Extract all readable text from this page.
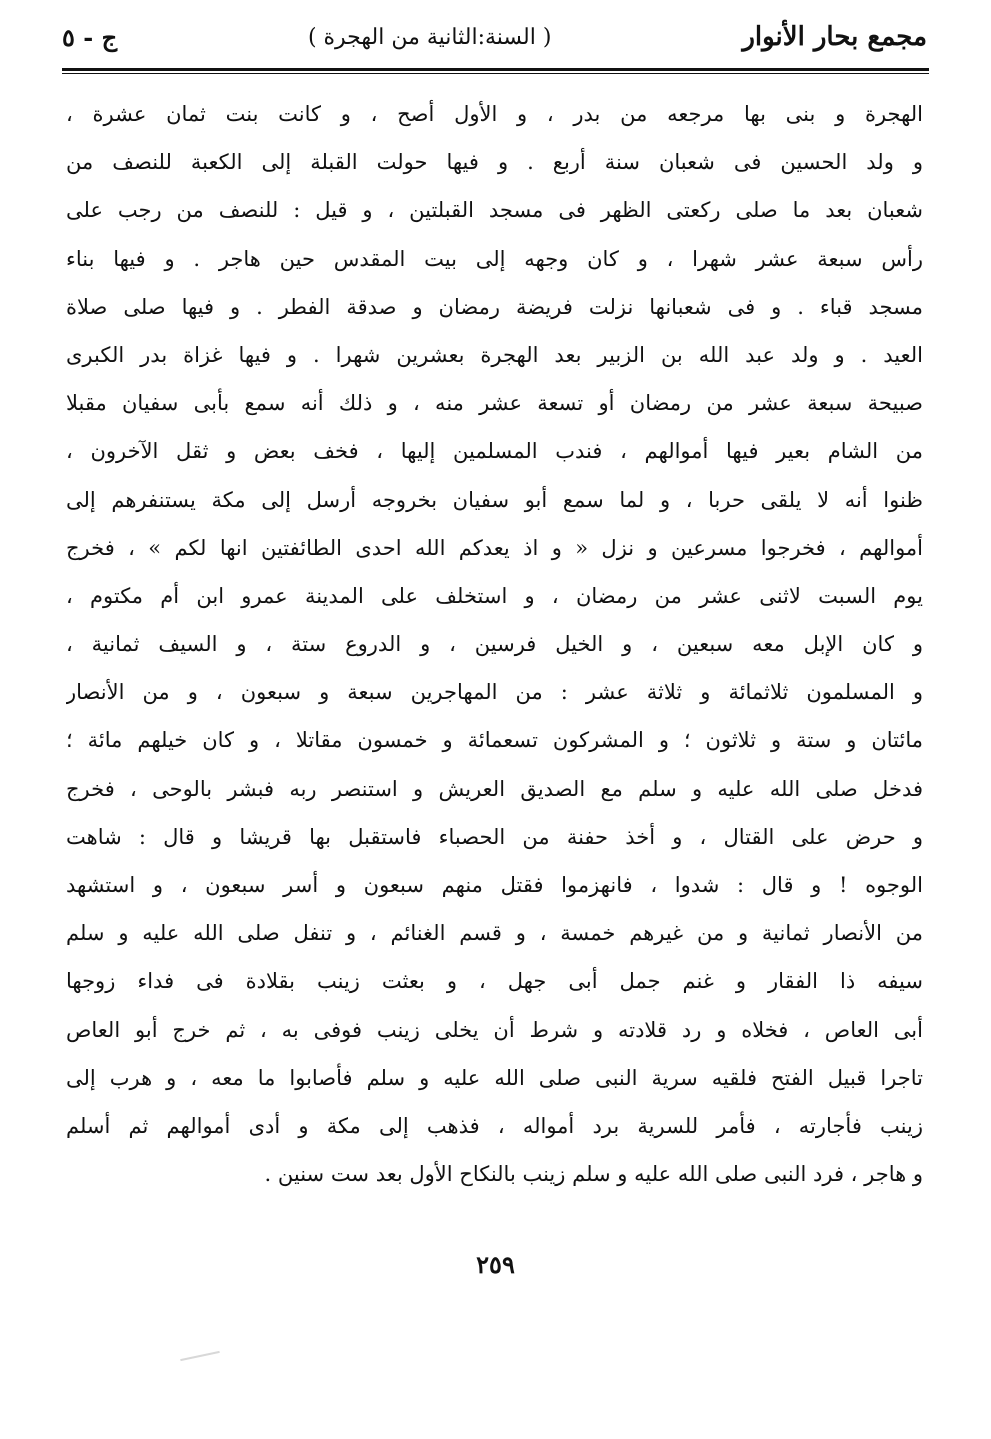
مجمع بحار الأنوار
( السنة:الثانية من الهجرة )
ج - ٥
الهجرة و بنى بها مرجعه من بدر ، و الأول أصح ، و كانت بنت ثمان عشرة ،
و ولد الحسين فى شعبان سنة أربع . و فيها حولت القبلة إلى الكعبة للنصف من
شعبان بعد ما صلى ركعتى الظهر فى مسجد القبلتين ، و قيل : للنصف من رجب على
رأس سبعة عشر شهرا ، و كان وجهه إلى بيت المقدس حين هاجر . و فيها بناء
مسجد قباء . و فى شعبانها نزلت فريضة رمضان و صدقة الفطر . و فيها صلى صلاة
العيد . و ولد عبد الله بن الزبير بعد الهجرة بعشرين شهرا . و فيها غزاة بدر الكبرى
صبيحة سبعة عشر من رمضان أو تسعة عشر منه ، و ذلك أنه سمع بأبى سفيان مقبلا
من الشام بعير فيها أموالهم ، فندب المسلمين إليها ، فخف بعض و ثقل الآخرون ،
ظنوا أنه لا يلقى حربا ، و لما سمع أبو سفيان بخروجه أرسل إلى مكة يستنفرهم إلى
أموالهم ، فخرجوا مسرعين و نزل « و اذ يعدكم الله احدى الطائفتين انها لكم » ، فخرج
يوم السبت لاثنى عشر من رمضان ، و استخلف على المدينة عمرو ابن أم مكتوم ،
و كان الإبل معه سبعين ، و الخيل فرسين ، و الدروع ستة ، و السيف ثمانية ،
و المسلمون ثلاثمائة و ثلاثة عشر : من المهاجرين سبعة و سبعون ، و من الأنصار
مائتان و ستة و ثلاثون ؛ و المشركون تسعمائة و خمسون مقاتلا ، و كان خيلهم مائة ؛
فدخل صلى الله عليه و سلم مع الصديق العريش و استنصر ربه فبشر بالوحى ، فخرج
و حرض على القتال ، و أخذ حفنة من الحصباء فاستقبل بها قريشا و قال : شاهت
الوجوه ! و قال : شدوا ، فانهزموا فقتل منهم سبعون و أسر سبعون ، و استشهد
من الأنصار ثمانية و من غيرهم خمسة ، و قسم الغنائم ، و تنفل صلى الله عليه و سلم
سيفه ذا الفقار و غنم جمل أبى جهل ، و بعثت زينب بقلادة فى فداء زوجها
أبى العاص ، فخلاه و رد قلادته و شرط أن يخلى زينب فوفى به ، ثم خرج أبو العاص
تاجرا قبيل الفتح فلقيه سرية النبى صلى الله عليه و سلم فأصابوا ما معه ، و هرب إلى
زينب فأجارته ، فأمر للسرية برد أمواله ، فذهب إلى مكة و أدى أموالهم ثم أسلم
و هاجر ، فرد النبى صلى الله عليه و سلم زينب بالنكاح الأول بعد ست سنين .
٢٥٩
